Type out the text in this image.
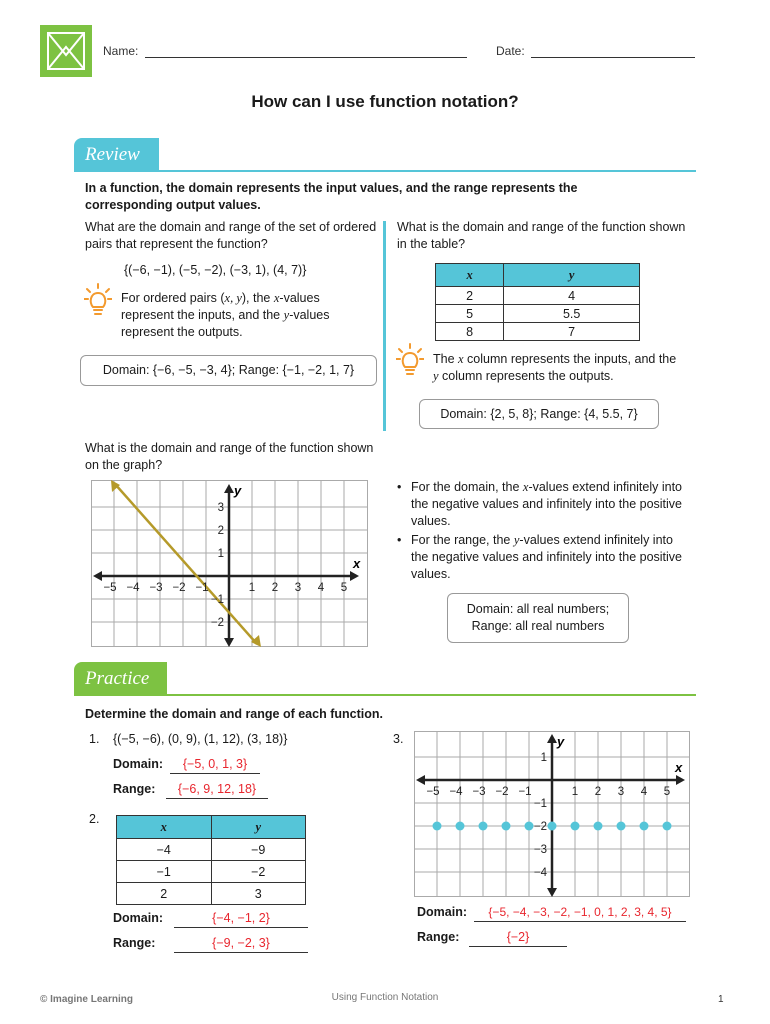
Name:	Date:
How can I use function notation?
Review
In a function, the domain represents the input values, and the range represents the corresponding output values.
What are the domain and range of the set of ordered pairs that represent the function?
{(−6, −1), (−5, −2), (−3, 1), (4, 7)}
For ordered pairs (x, y), the x-values represent the inputs, and the y-values represent the outputs.
Domain: {−6, −5, −3, 4}; Range: {−1, −2, 1, 7}
What is the domain and range of the function shown in the table?
x	y
2	4
5	5.5
8	7
The x column represents the inputs, and the y column represents the outputs.
Domain: {2, 5, 8}; Range: {4, 5.5, 7}
What is the domain and range of the function shown on the graph?
−5 −4 −3 −2 −1	1 2 3 4 5
3
2
1
−1
−2
x
y	• For the domain, the x-values extend infinitely into the negative values and infinitely into the positive values.
• For the range, the y-values extend infinitely into the negative values and infinitely into the positive values.
Domain: all real numbers;
Range: all real numbers
Practice
Determine the domain and range of each function.
1. {(−5, −6), (0, 9), (1, 12), (3, 18)}
Domain:	{−5, 0, 1, 3}
Range:	{−6, 9, 12, 18}
2.
x	y
−4	−9
−1	−2
2	3
Domain:	{−4, −1, 2}
Range:	{−9, −2, 3}
3.
−5 −4 −3 −2 −1	1 2 3 4 5
1
−1
−2
−3
−4
x
y
Domain:	{−5, −4, −3, −2, −1, 0, 1, 2, 3, 4, 5}
Range:	{−2}
© Imagine Learning	Using Function Notation	1
